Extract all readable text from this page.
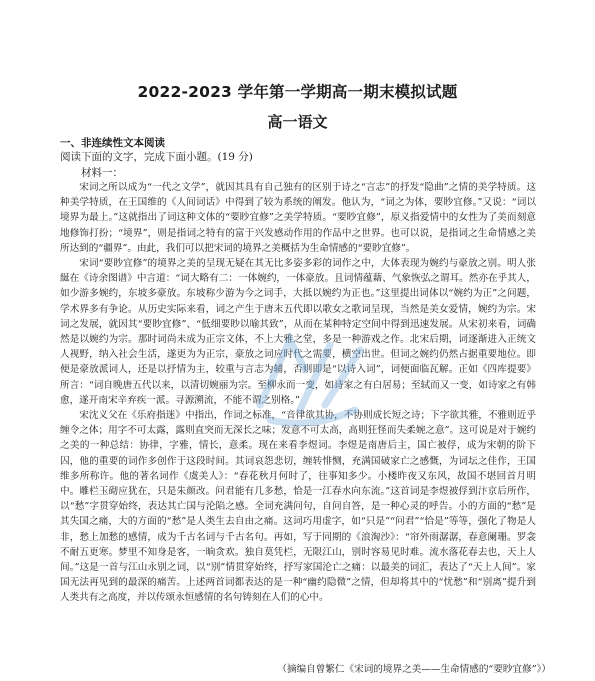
2022-2023 学年第一学期高一期末模拟试题
高一语文
一、非连续性文本阅读
阅读下面的文字，完成下面小题。(19 分)
材料一：

宋词之所以成为“一代之文学”，就因其具有自己独有的区别于诗之“言志”的抒发“隐曲”之情的美学特质。这种美学特质，在王国维的《人间词话》中得到了较为系统的阐发。他认为，“词之为体，要眇宜修。”又说：“词以境界为最上。”这就指出了词这种文体的“要眇宜修”之美学特质。“要眇宜修”，原义指爱情中的女性为了美而刻意地修饰打扮；“境界”，则是指词之特有的富于兴发感动作用的作品中之世界。也可以说，是指词之生命情感之美所达到的“疆界”。由此，我们可以把宋词的境界之美概括为生命情感的“要眇宜修”。

宋词“要眇宜修”的境界之美的呈现无疑在其无比多姿多彩的词作之中，大体表现为婉约与豪放之别。明人张綖在《诗余图谱》中言道：“词大略有二：一体婉约，一体豪放。且词情蕴藉、气象恢弘之谓耳。然亦在乎其人，如少游多婉约，东坡多豪放。东坡称少游为今之词手，大抵以婉约为正也。”这里提出词体以“婉约为正”之问题，学术界多有争论。从历史实际来看，词之产生于唐末五代即以歌女之歌词呈现，当然是美女爱情，婉约为宗。宋词之发展，就因其“要眇宜修”、“低细要眇以喻其致”，从而在某种特定空间中得到迅速发展。从宋初来看，词确然是以婉约为宗。那时词尚未成为正宗文体，不上大雅之堂，多是一种游戏之作。北宋后期，词逐渐进入正统文人视野，纳入社会生活，遂更为为正宗，豪放之词应时代之需要，横空出世。但词之婉约仍然占据重要地位。即便是豪放派词人，还是以抒情为主，较重与言志为辅，否则即是“以诗入词”，词便面临瓦解。正如《四库提要》所言：“词自晚唐五代以来，以清切婉丽为宗。至柳永而一变，如诗家之有白居易；至轼而又一变，如诗家之有韩愈，遂开南宋辛弃疾一派。寻源溯流，不能不谓之别格。”

宋沈义父在《乐府指迷》中指出，作词之标准，“音律欲其协，不协则成长短之诗；下字欲其雅，不雅则近乎缠令之体；用字不可太露，露则直突而无深长之味；发意不可太高，高则狂怪而失柔婉之意”。这可说是对于婉约之美的一种总结：协律，字雅，情长，意柔。现在来看李煜词。李煜是南唐后主，国亡被俘，成为宋朝的阶下囚，他的重要的词作多创作于这段时间。其词哀怨悲切，缠转悱恻，充满国破家亡之感慨，为词坛之佳作，王国维多所称许。他的著名词作《虞美人》：“春花秋月何时了，往事知多少。小楼昨夜又东风，故国不堪回首月明中。雕栏玉砌应犹在，只是朱颜改。问君能有几多愁，恰是一江春水向东流。”这首词是李煜被俘到汴京后所作，以“愁”字贯穿始终，表达其亡国与沦陷之感。全词充满问句，自问自答，是一种心灵的呼告。小的方面的“愁”是其失国之痛，大的方面的“愁”是人类生去自由之痛。这词巧用虚字，如“只是”“问君”“恰是”等等，强化了物是人非，愁上加愁的感情，成为千古名词与千古名句。再如，写于同期的《浪淘沙》：“帘外雨潺潺，春意阑珊。罗衾不耐五更寒。梦里不知身是客，一晌贪欢。独自莫凭栏，无限江山，别时容易见时难。流水落花春去也，天上人间。”这是一首与江山永别之词，以“别”情贯穿始终，抒写家国沦亡之痛：以最美的词汇，表达了“天上人间”。家国无法再见到的最深的痛苦。上述两首词都表达的是一种“幽约隐微”之情，但却将其中的“忧愁”和“别离”提升到人类共有之高度，并以传颂永恒感情的名句铸刻在人们的心中。

（摘编自曾繁仁《宋词的境界之美——生命情感的“要眇宜修”》）
